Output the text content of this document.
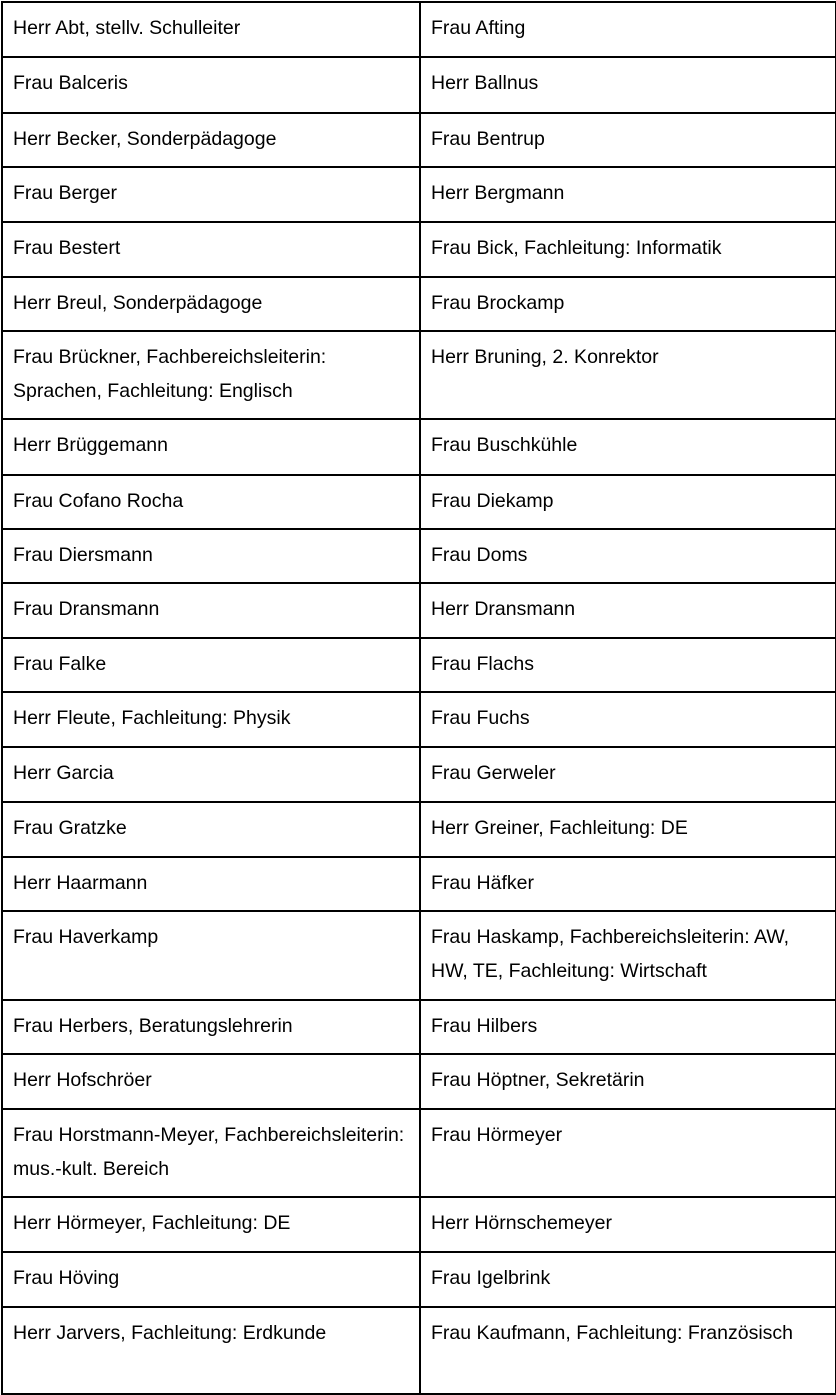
Herr Abt, stellv. Schulleiter	Frau Afting
Frau Balceris	Herr Ballnus
Herr Becker, Sonderpädagoge	Frau Bentrup
Frau Berger	Herr Bergmann
Frau Bestert	Frau Bick, Fachleitung: Informatik
Herr Breul, Sonderpädagoge	Frau Brockamp
Frau Brückner, Fachbereichsleiterin: Sprachen, Fachleitung: Englisch	Herr Bruning, 2. Konrektor
Herr Brüggemann	Frau Buschkühle
Frau Cofano Rocha	Frau Diekamp
Frau Diersmann	Frau Doms
Frau Dransmann	Herr Dransmann
Frau Falke	Frau Flachs
Herr Fleute, Fachleitung: Physik	Frau Fuchs
Herr Garcia	Frau Gerweler
Frau Gratzke	Herr Greiner, Fachleitung: DE
Herr Haarmann	Frau Häfker
Frau Haverkamp	Frau Haskamp, Fachbereichsleiterin: AW, HW, TE, Fachleitung: Wirtschaft
Frau Herbers, Beratungslehrerin	Frau Hilbers
Herr Hofschröer	Frau Höptner, Sekretärin
Frau Horstmann-Meyer, Fachbereichsleiterin: mus.-kult. Bereich	Frau Hörmeyer
Herr Hörmeyer, Fachleitung: DE	Herr Hörnschemeyer
Frau Höving	Frau Igelbrink
Herr Jarvers, Fachleitung: Erdkunde	Frau Kaufmann, Fachleitung: Französisch
